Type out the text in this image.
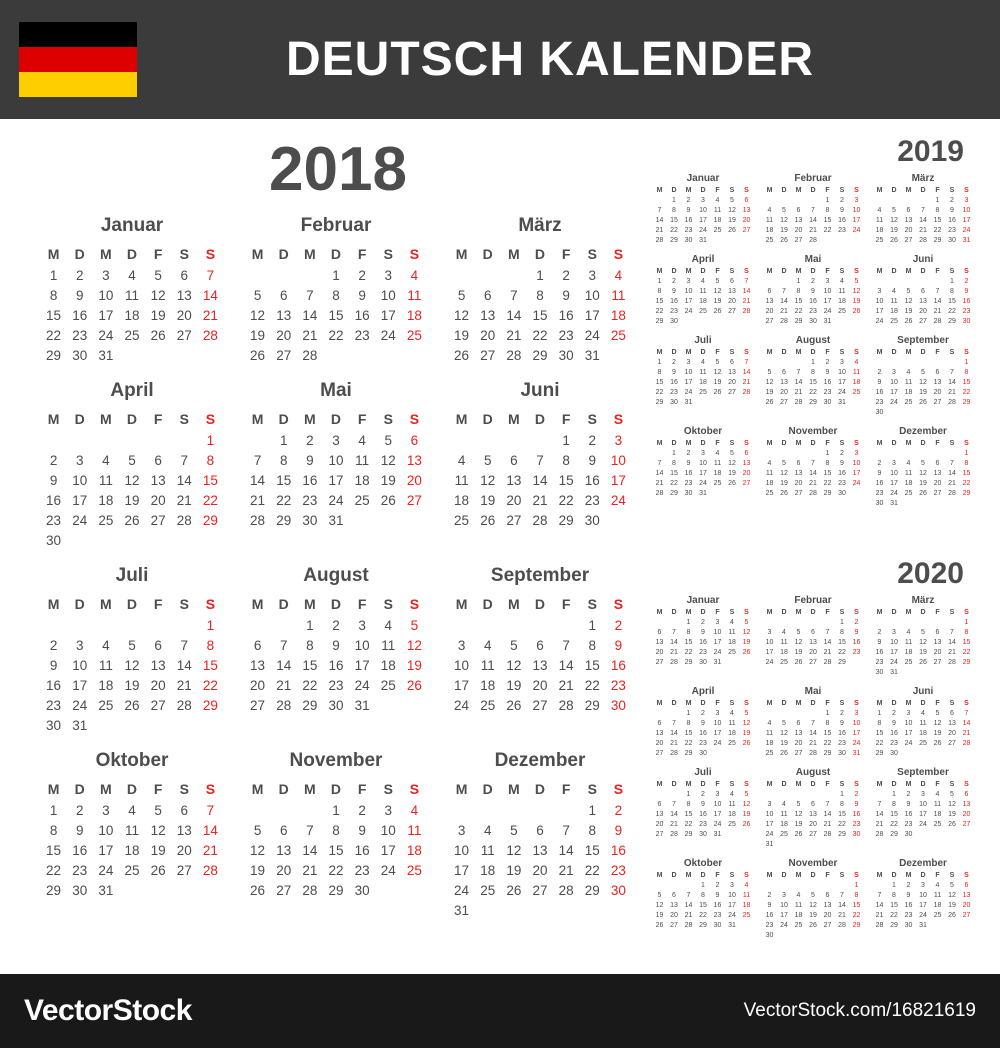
DEUTSCH KALENDER
2018
Januar
M	D	M	D	F	S	S
1	2	3	4	5	6	7
8	9	10	11	12	13	14
15	16	17	18	19	20	21
22	23	24	25	26	27	28
29	30	31				
Februar
M	D	M	D	F	S	S
			1	2	3	4
5	6	7	8	9	10	11
12	13	14	15	16	17	18
19	20	21	22	23	24	25
26	27	28				
März
M	D	M	D	F	S	S
			1	2	3	4
5	6	7	8	9	10	11
12	13	14	15	16	17	18
19	20	21	22	23	24	25
26	27	28	29	30	31	
April
M	D	M	D	F	S	S
						1
2	3	4	5	6	7	8
9	10	11	12	13	14	15
16	17	18	19	20	21	22
23	24	25	26	27	28	29
30						
Mai
M	D	M	D	F	S	S
	1	2	3	4	5	6
7	8	9	10	11	12	13
14	15	16	17	18	19	20
21	22	23	24	25	26	27
28	29	30	31			
Juni
M	D	M	D	F	S	S
				1	2	3
4	5	6	7	8	9	10
11	12	13	14	15	16	17
18	19	20	21	22	23	24
25	26	27	28	29	30	
Juli
M	D	M	D	F	S	S
						1
2	3	4	5	6	7	8
9	10	11	12	13	14	15
16	17	18	19	20	21	22
23	24	25	26	27	28	29
30	31					
August
M	D	M	D	F	S	S
		1	2	3	4	5
6	7	8	9	10	11	12
13	14	15	16	17	18	19
20	21	22	23	24	25	26
27	28	29	30	31		
September
M	D	M	D	F	S	S
					1	2
3	4	5	6	7	8	9
10	11	12	13	14	15	16
17	18	19	20	21	22	23
24	25	26	27	28	29	30
Oktober
M	D	M	D	F	S	S
1	2	3	4	5	6	7
8	9	10	11	12	13	14
15	16	17	18	19	20	21
22	23	24	25	26	27	28
29	30	31				
November
M	D	M	D	F	S	S
			1	2	3	4
5	6	7	8	9	10	11
12	13	14	15	16	17	18
19	20	21	22	23	24	25
26	27	28	29	30		
Dezember
M	D	M	D	F	S	S
					1	2
3	4	5	6	7	8	9
10	11	12	13	14	15	16
17	18	19	20	21	22	23
24	25	26	27	28	29	30
31						
2019
Januar
M	D	M	D	F	S	S
	1	2	3	4	5	6
7	8	9	10	11	12	13
14	15	16	17	18	19	20
21	22	23	24	25	26	27
28	29	30	31			
Februar
M	D	M	D	F	S	S
				1	2	3
4	5	6	7	8	9	10
11	12	13	14	15	16	17
18	19	20	21	22	23	24
25	26	27	28			
März
M	D	M	D	F	S	S
				1	2	3
4	5	6	7	8	9	10
11	12	13	14	15	16	17
18	19	20	21	22	23	24
25	26	27	28	29	30	31
April
M	D	M	D	F	S	S
1	2	3	4	5	6	7
8	9	10	11	12	13	14
15	16	17	18	19	20	21
22	23	24	25	26	27	28
29	30					
Mai
M	D	M	D	F	S	S
		1	2	3	4	5
6	7	8	9	10	11	12
13	14	15	16	17	18	19
20	21	22	23	24	25	26
27	28	29	30	31		
Juni
M	D	M	D	F	S	S
					1	2
3	4	5	6	7	8	9
10	11	12	13	14	15	16
17	18	19	20	21	22	23
24	25	26	27	28	29	30
Juli
M	D	M	D	F	S	S
1	2	3	4	5	6	7
8	9	10	11	12	13	14
15	16	17	18	19	20	21
22	23	24	25	26	27	28
29	30	31				
August
M	D	M	D	F	S	S
			1	2	3	4
5	6	7	8	9	10	11
12	13	14	15	16	17	18
19	20	21	22	23	24	25
26	27	28	29	30	31	
September
M	D	M	D	F	S	S
						1
2	3	4	5	6	7	8
9	10	11	12	13	14	15
16	17	18	19	20	21	22
23	24	25	26	27	28	29
30						
Oktober
M	D	M	D	F	S	S
	1	2	3	4	5	6
7	8	9	10	11	12	13
14	15	16	17	18	19	20
21	22	23	24	25	26	27
28	29	30	31			
November
M	D	M	D	F	S	S
				1	2	3
4	5	6	7	8	9	10
11	12	13	14	15	16	17
18	19	20	21	22	23	24
25	26	27	28	29	30	
Dezember
M	D	M	D	F	S	S
						1
2	3	4	5	6	7	8
9	10	11	12	13	14	15
16	17	18	19	20	21	22
23	24	25	26	27	28	29
30	31					
2020
Januar
M	D	M	D	F	S	S
		1	2	3	4	5
6	7	8	9	10	11	12
13	14	15	16	17	18	19
20	21	22	23	24	25	26
27	28	29	30	31		
Februar
M	D	M	D	F	S	S
					1	2
3	4	5	6	7	8	9
10	11	12	13	14	15	16
17	18	19	20	21	22	23
24	25	26	27	28	29	
März
M	D	M	D	F	S	S
						1
2	3	4	5	6	7	8
9	10	11	12	13	14	15
16	17	18	19	20	21	22
23	24	25	26	27	28	29
30	31					
April
M	D	M	D	F	S	S
		1	2	3	4	5
6	7	8	9	10	11	12
13	14	15	16	17	18	19
20	21	22	23	24	25	26
27	28	29	30			
Mai
M	D	M	D	F	S	S
				1	2	3
4	5	6	7	8	9	10
11	12	13	14	15	16	17
18	19	20	21	22	23	24
25	26	27	28	29	30	31
Juni
M	D	M	D	F	S	S
1	2	3	4	5	6	7
8	9	10	11	12	13	14
15	16	17	18	19	20	21
22	23	24	25	26	27	28
29	30					
Juli
M	D	M	D	F	S	S
		1	2	3	4	5
6	7	8	9	10	11	12
13	14	15	16	17	18	19
20	21	22	23	24	25	26
27	28	29	30	31		
August
M	D	M	D	F	S	S
					1	2
3	4	5	6	7	8	9
10	11	12	13	14	15	16
17	18	19	20	21	22	23
24	25	26	27	28	29	30
31						
September
M	D	M	D	F	S	S
	1	2	3	4	5	6
7	8	9	10	11	12	13
14	15	16	17	18	19	20
21	22	23	24	25	26	27
28	29	30				
Oktober
M	D	M	D	F	S	S
			1	2	3	4
5	6	7	8	9	10	11
12	13	14	15	16	17	18
19	20	21	22	23	24	25
26	27	28	29	30	31	
November
M	D	M	D	F	S	S
						1
2	3	4	5	6	7	8
9	10	11	12	13	14	15
16	17	18	19	20	21	22
23	24	25	26	27	28	29
30						
Dezember
M	D	M	D	F	S	S
	1	2	3	4	5	6
7	8	9	10	11	12	13
14	15	16	17	18	19	20
21	22	23	24	25	26	27
28	29	30	31			
VectorStock	VectorStock.com/16821619
